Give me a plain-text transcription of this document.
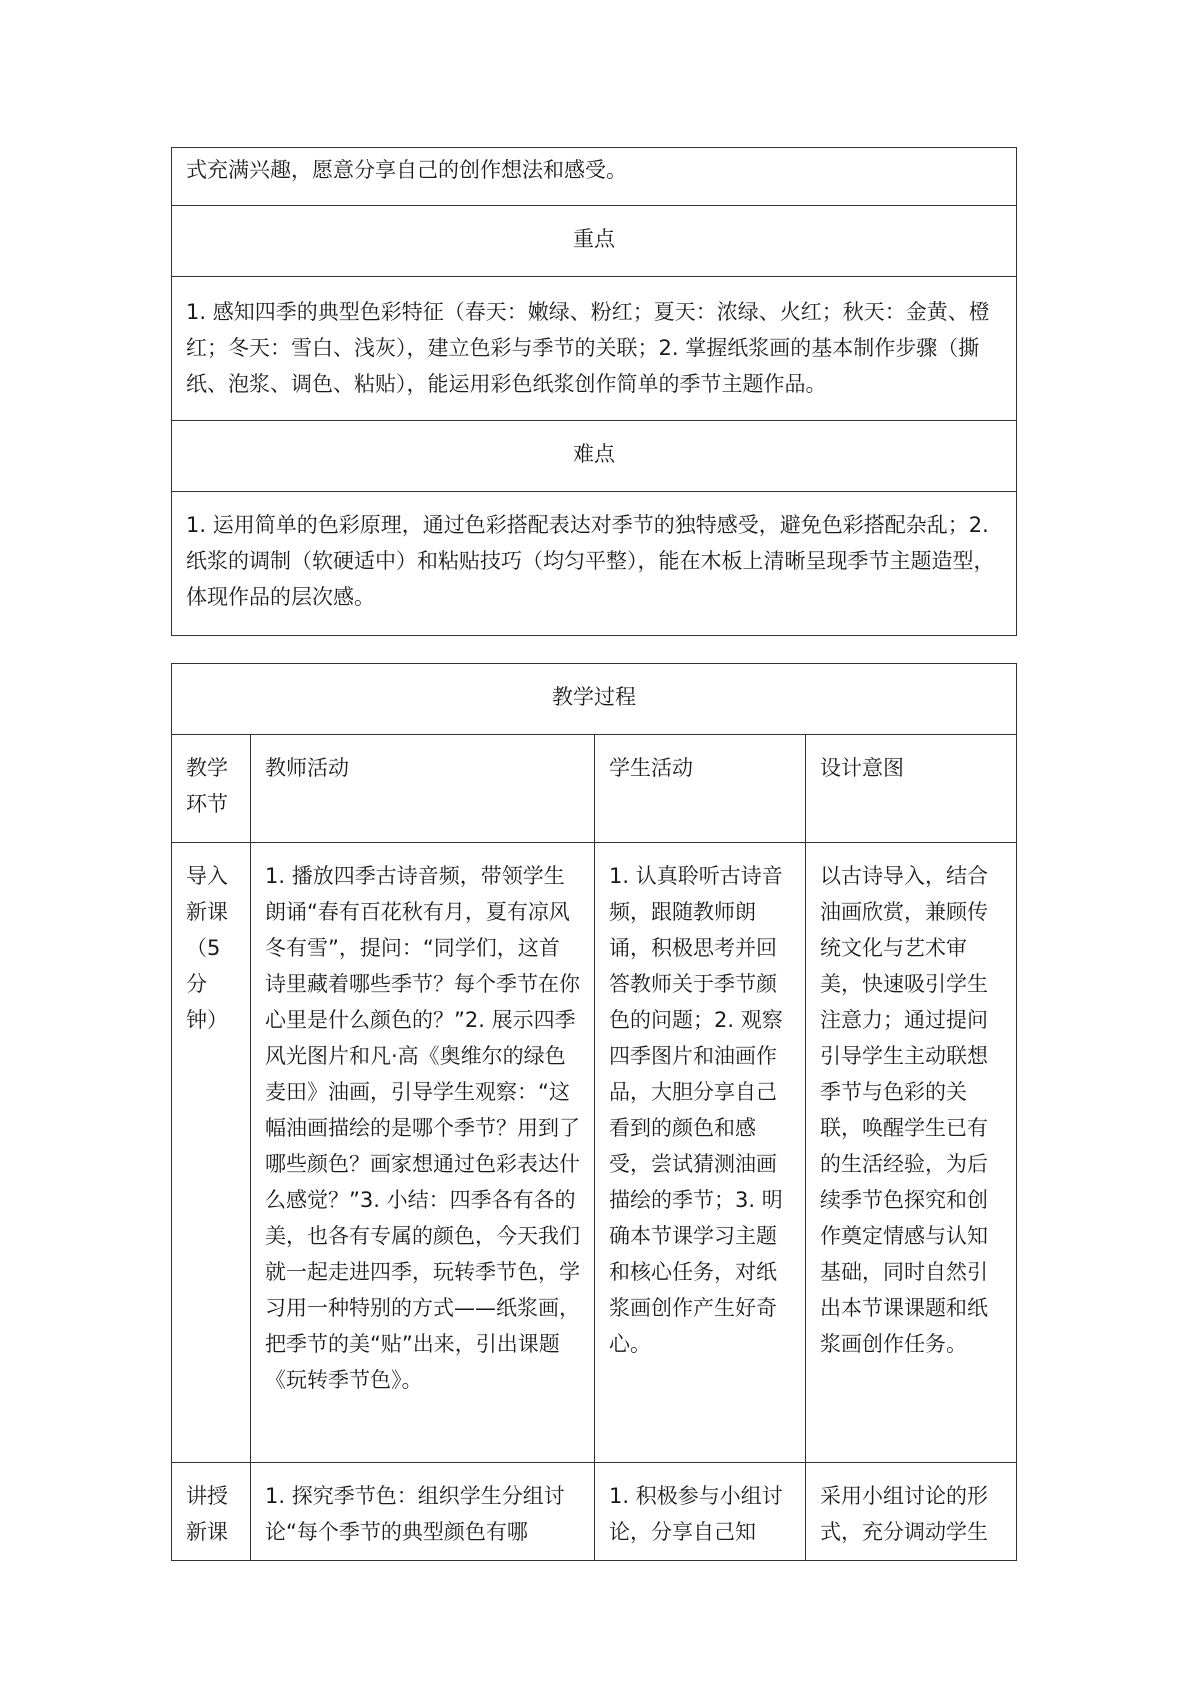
式充满兴趣，愿意分享自己的创作想法和感受。

重点

1. 感知四季的典型色彩特征（春天：嫩绿、粉红；夏天：浓绿、火红；秋天：金黄、橙红；冬天：雪白、浅灰），建立色彩与季节的关联；2. 掌握纸浆画的基本制作步骤（撕纸、泡浆、调色、粘贴），能运用彩色纸浆创作简单的季节主题作品。

难点

1. 运用简单的色彩原理，通过色彩搭配表达对季节的独特感受，避免色彩搭配杂乱；2. 纸浆的调制（软硬适中）和粘贴技巧（均匀平整），能在木板上清晰呈现季节主题造型，体现作品的层次感。
教学过程			

教学环节	教师活动	学生活动	设计意图

导入新课（5分钟）	1. 播放四季古诗音频，带领学生朗诵“春有百花秋有月，夏有凉风冬有雪”，提问：“同学们，这首诗里藏着哪些季节？每个季节在你心里是什么颜色的？”2. 展示四季风光图片和凡·高《奥维尔的绿色麦田》油画，引导学生观察：“这幅油画描绘的是哪个季节？用到了哪些颜色？画家想通过色彩表达什么感觉？”3. 小结：四季各有各的美，也各有专属的颜色，今天我们就一起走进四季，玩转季节色，学习用一种特别的方式——纸浆画，把季节的美“贴”出来，引出课题《玩转季节色》。	1. 认真聆听古诗音频，跟随教师朗诵，积极思考并回答教师关于季节颜色的问题；2. 观察四季图片和油画作品，大胆分享自己看到的颜色和感受，尝试猜测油画描绘的季节；3. 明确本节课学习主题和核心任务，对纸浆画创作产生好奇心。	以古诗导入，结合油画欣赏，兼顾传统文化与艺术审美，快速吸引学生注意力；通过提问引导学生主动联想季节与色彩的关联，唤醒学生已有的生活经验，为后续季节色探究和创作奠定情感与认知基础，同时自然引出本节课课题和纸浆画创作任务。

讲授新课	1. 探究季节色：组织学生分组讨论“每个季节的典型颜色有哪	1. 积极参与小组讨论，分享自己知	采用小组讨论的形式，充分调动学生
